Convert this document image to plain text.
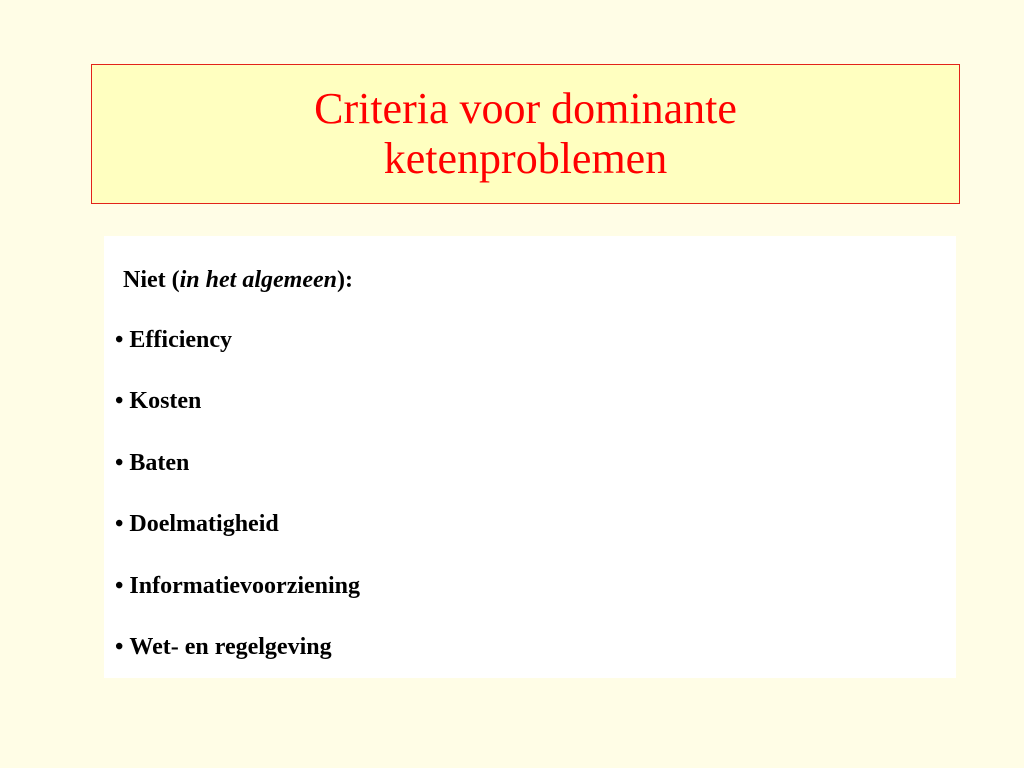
Criteria voor dominante
ketenproblemen
Niet (in het algemeen):
• Efficiency
• Kosten
• Baten
• Doelmatigheid
• Informatievoorziening
• Wet- en regelgeving
